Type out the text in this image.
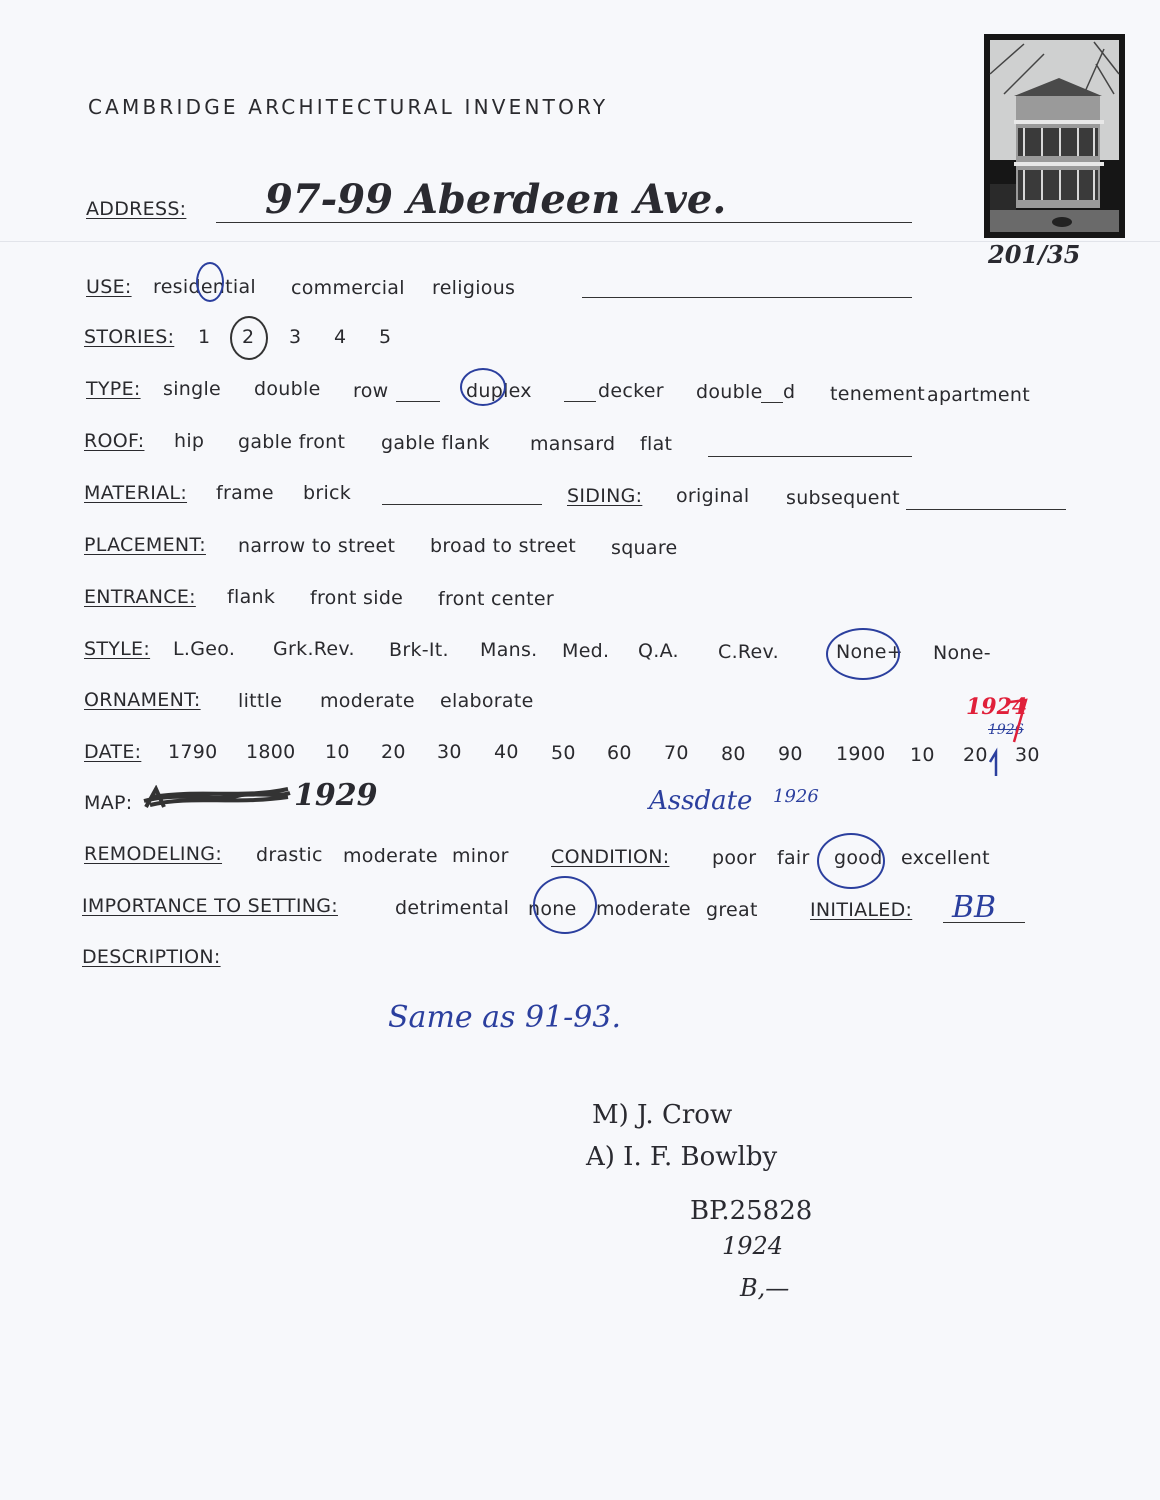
CAMBRIDGE ARCHITECTURAL INVENTORY
201/35
ADDRESS: 97-99 Aberdeen Ave.
USE: residential commercial religious
STORIES: 1 2 3 4 5
TYPE: single double row	duplex	decker double d tenement apartment
ROOF: hip gable front gable flank mansard flat
MATERIAL: frame brick	SIDING: original subsequent
PLACEMENT: narrow to street broad to street square
ENTRANCE: flank front side front center
STYLE: L.Geo. Grk.Rev. Brk-It. Mans. Med. Q.A. C.Rev.	None+ None-
ORNAMENT: little moderate elaborate
DATE: 1790 1800 10 20 30 40 50 60 70 80 90 1900 10 20 30
1924
1926
MAP:	1929	Assdate 1926
REMODELING: drastic moderate minor CONDITION: poor fair good excellent
IMPORTANCE TO SETTING:	detrimental none moderate great	INITIALED: BB
DESCRIPTION:
Same as 91-93.
M) J. Crow
A) I. F. Bowlby
BP.25828
1924
B,—
